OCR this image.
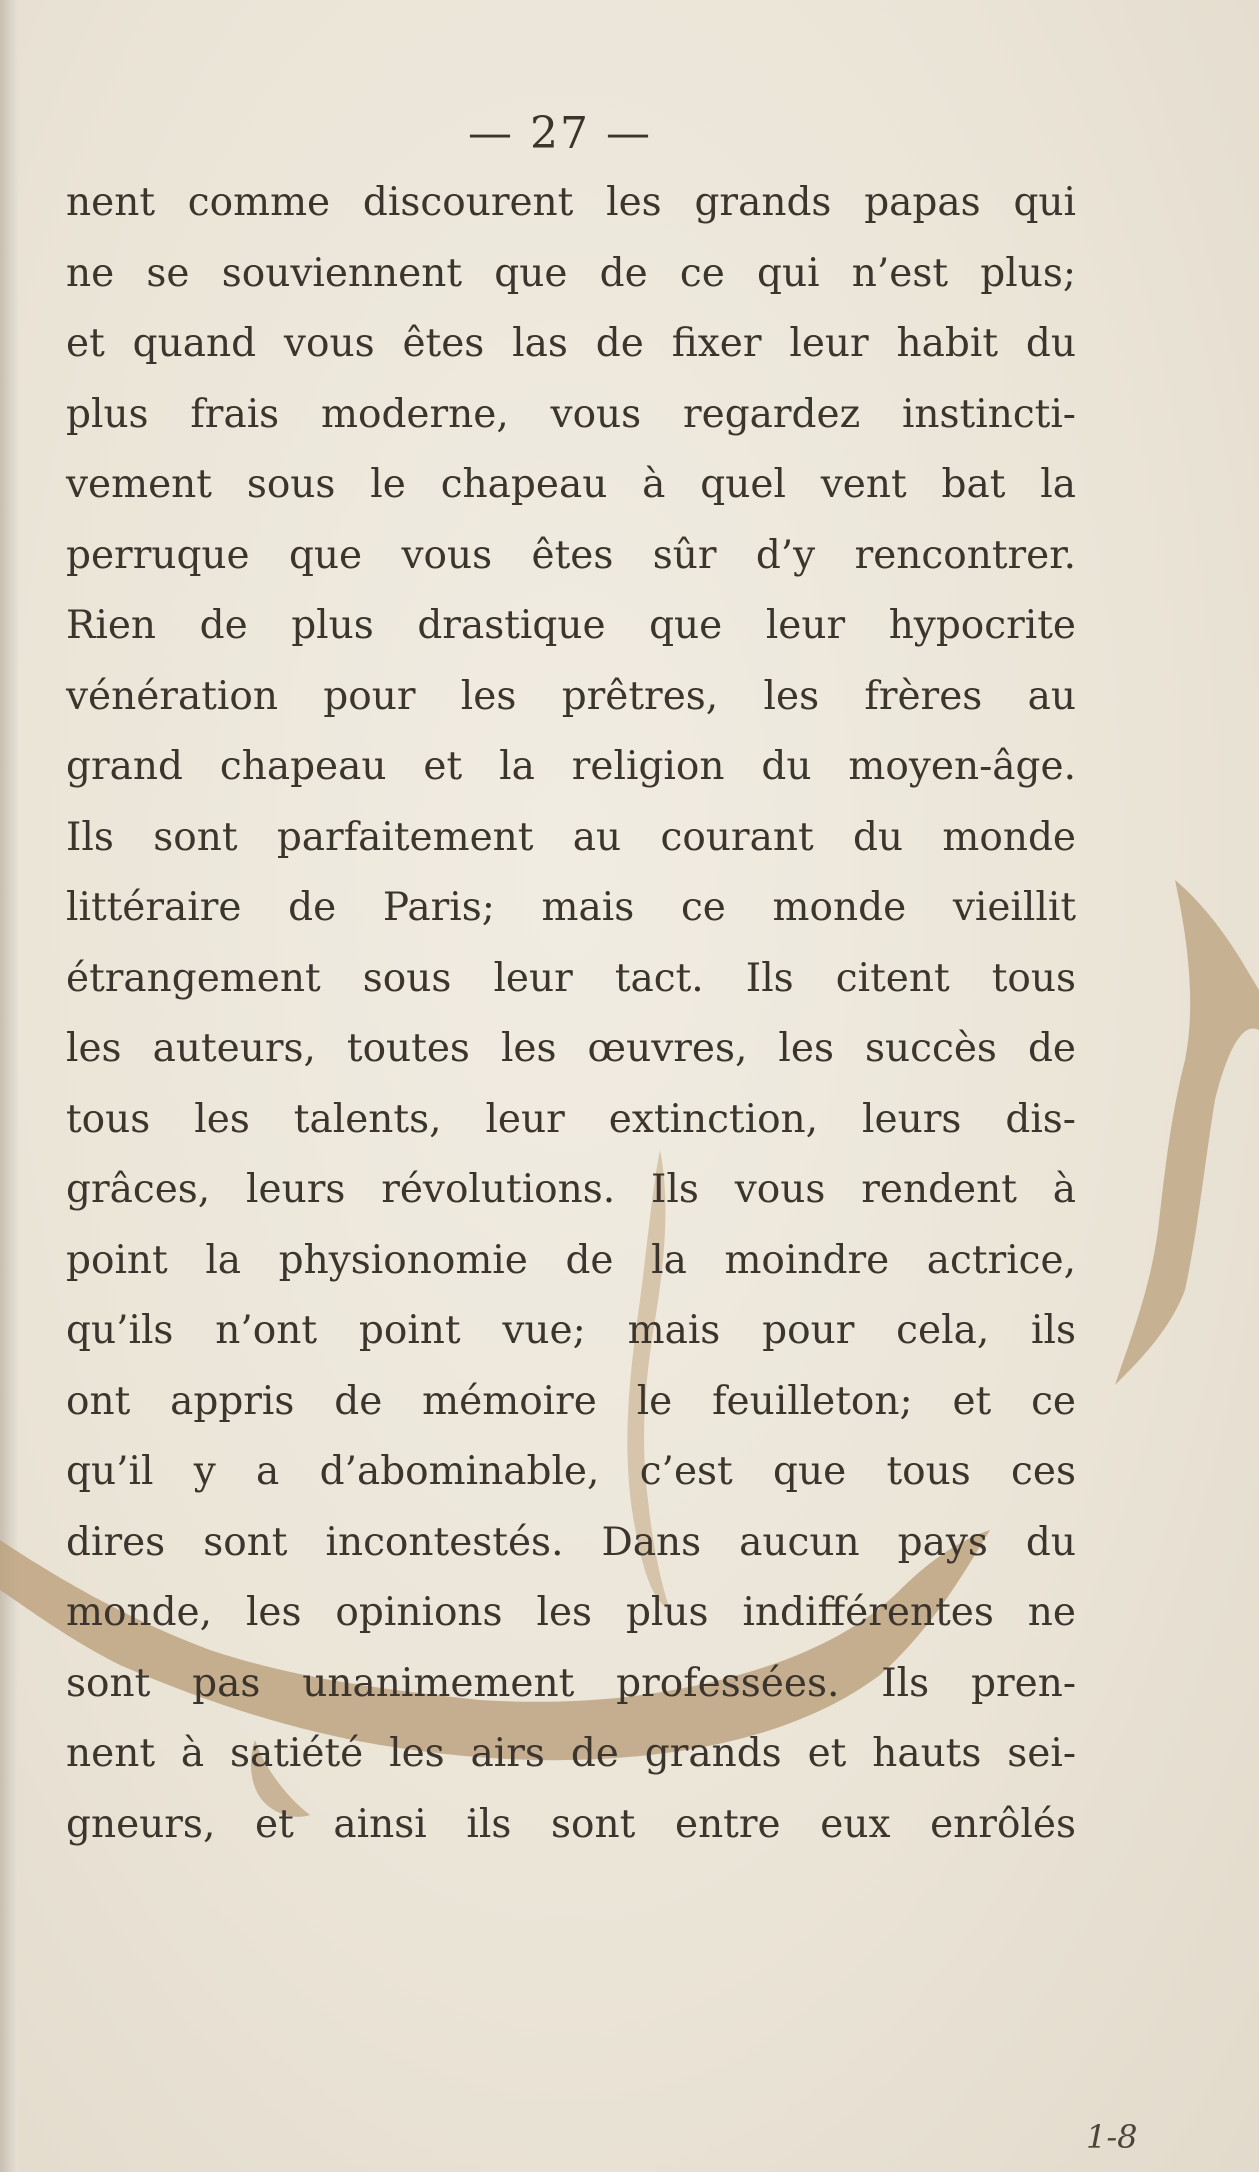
— 27 —
nent comme discourent les grands papas qui
ne se souviennent que de ce qui n’est plus;
et quand vous êtes las de fixer leur habit du
plus frais moderne, vous regardez instincti-
vement sous le chapeau à quel vent bat la
perruque que vous êtes sûr d’y rencontrer.
Rien de plus drastique que leur hypocrite
vénération pour les prêtres, les frères au
grand chapeau et la religion du moyen-âge.
Ils sont parfaitement au courant du monde
littéraire de Paris; mais ce monde vieillit
étrangement sous leur tact. Ils citent tous
les auteurs, toutes les œuvres, les succès de
tous les talents, leur extinction, leurs dis-
grâces, leurs révolutions. Ils vous rendent à
point la physionomie de la moindre actrice,
qu’ils n’ont point vue; mais pour cela, ils
ont appris de mémoire le feuilleton; et ce
qu’il y a d’abominable, c’est que tous ces
dires sont incontestés. Dans aucun pays du
monde, les opinions les plus indifférentes ne
sont pas unanimement professées. Ils pren-
nent à satiété les airs de grands et hauts sei-
gneurs, et ainsi ils sont entre eux enrôlés
1-8
